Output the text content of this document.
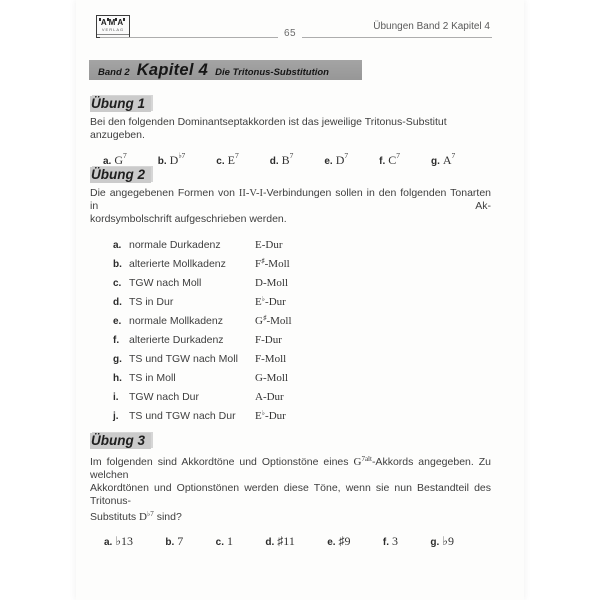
AMA
VERLAG	65
Übungen Band 2 Kapitel 4
Band 2 Kapitel 4 Die Tritonus-Substitution
Übung 1
Bei den folgenden Dominantseptakkorden ist das jeweilige Tritonus-Substitut anzugeben.
a. $G^7$
b. $D^{♭7}$
c. $E^7$
d. $B^7$
e. $D^7$
f. $C^7$
g. $A^7$
Übung 2
Die angegebenen Formen von II-V-I-Verbindungen sollen in den folgenden Tonarten in Ak-
kordsymbolschrift aufgeschrieben werden.
a. normale Durkadenz	E-Dur
b. alterierte Mollkadenz	F♯-Moll
c. TGW nach Moll	D-Moll
d. TS in Dur	E♭-Dur
e. normale Mollkadenz	G♯-Moll
f. alterierte Durkadenz	F-Dur
g. TS und TGW nach Moll	F-Moll
h. TS in Moll	G-Moll
i. TGW nach Dur	A-Dur
j. TS und TGW nach Dur	E♭-Dur
Übung 3
Im folgenden sind Akkordtöne und Optionstöne eines $G^{7alt}$-Akkords angegeben. Zu welchen
Akkordtönen und Optionstönen werden diese Töne, wenn sie nun Bestandteil des Tritonus-
Substituts $D^{♭7}$ sind?
a. ♭13	b. 7	c. 1	d. ♯11	e. ♯9	f. 3	g. ♭9
